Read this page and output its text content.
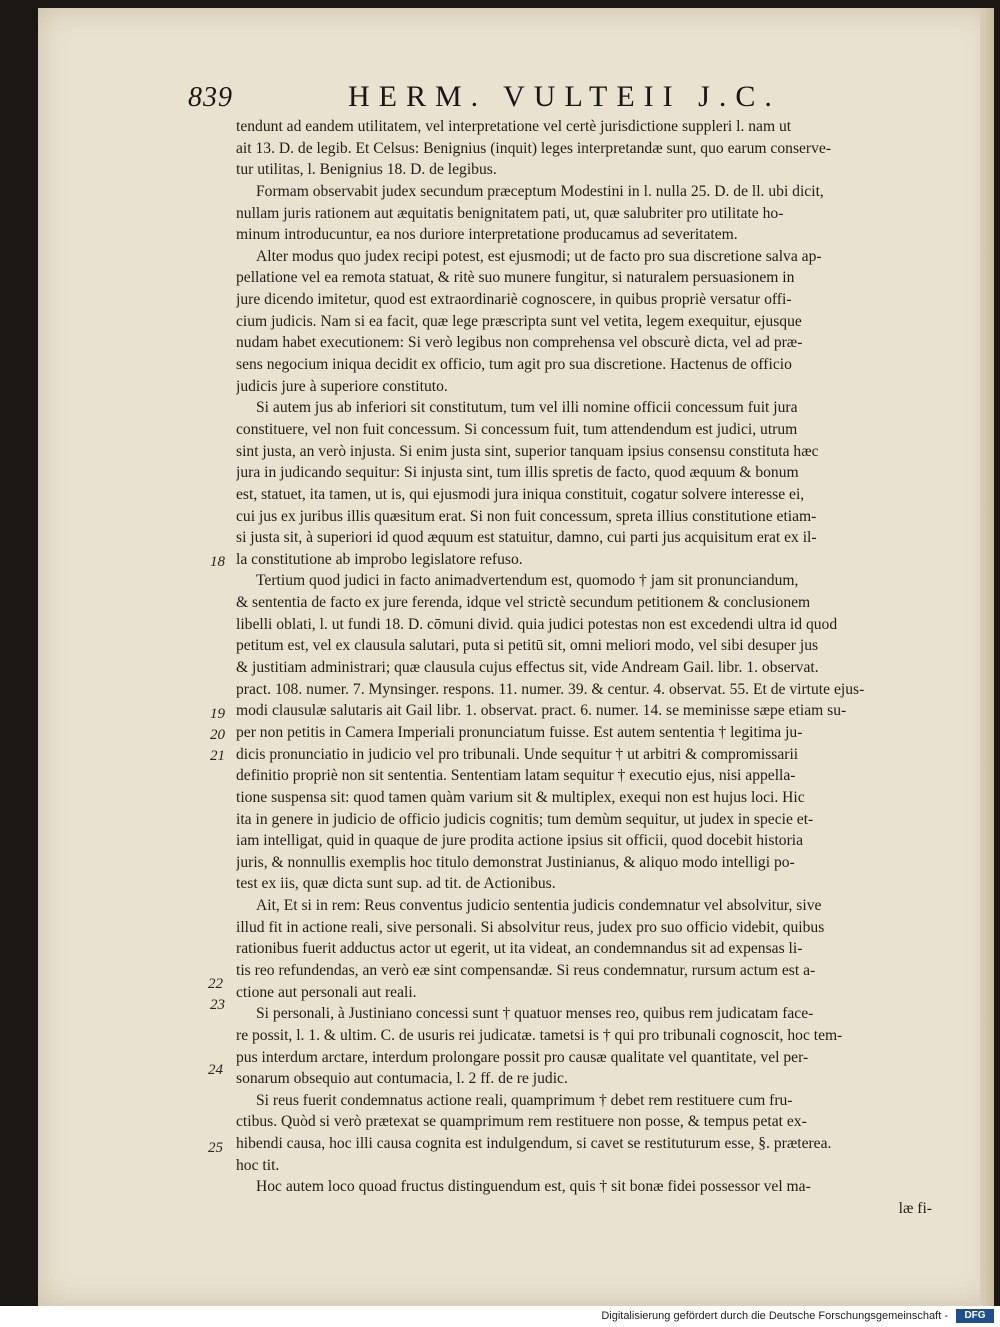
839	HERM. VULTEII J.C.
tendunt ad eandem utilitatem, vel interpretatione vel certè jurisdictione suppleri l. nam ut
ait 13. D. de legib. Et Celsus: Benignius (inquit) leges interpretandæ sunt, quo earum conserve-
tur utilitas, l. Benignius 18. D. de legibus.
Formam observabit judex secundum præceptum Modestini in l. nulla 25. D. de ll. ubi dicit,
nullam juris rationem aut æquitatis benignitatem pati, ut, quæ salubriter pro utilitate ho-
minum introducuntur, ea nos duriore interpretatione producamus ad severitatem.
Alter modus quo judex recipi potest, est ejusmodi; ut de facto pro sua discretione salva ap-
pellatione vel ea remota statuat, & ritè suo munere fungitur, si naturalem persuasionem in
jure dicendo imitetur, quod est extraordinariè cognoscere, in quibus propriè versatur offi-
cium judicis. Nam si ea facit, quæ lege præscripta sunt vel vetita, legem exequitur, ejusque
nudam habet executionem: Si verò legibus non comprehensa vel obscurè dicta, vel ad præ-
sens negocium iniqua decidit ex officio, tum agit pro sua discretione. Hactenus de officio
judicis jure à superiore constituto.
Si autem jus ab inferiori sit constitutum, tum vel illi nomine officii concessum fuit jura
constituere, vel non fuit concessum. Si concessum fuit, tum attendendum est judici, utrum
sint justa, an verò injusta. Si enim justa sint, superior tanquam ipsius consensu constituta hæc
jura in judicando sequitur: Si injusta sint, tum illis spretis de facto, quod æquum & bonum
est, statuet, ita tamen, ut is, qui ejusmodi jura iniqua constituit, cogatur solvere interesse ei,
cui jus ex juribus illis quæsitum erat. Si non fuit concessum, spreta illius constitutione etiam-
si justa sit, à superiori id quod æquum est statuitur, damno, cui parti jus acquisitum erat ex il-
la constitutione ab improbo legislatore refuso.
Tertium quod judici in facto animadvertendum est, quomodo † jam sit pronunciandum,
& sententia de facto ex jure ferenda, idque vel strictè secundum petitionem & conclusionem
libelli oblati, l. ut fundi 18. D. cōmuni divid. quia judici potestas non est excedendi ultra id quod
petitum est, vel ex clausula salutari, puta si petitū sit, omni meliori modo, vel sibi desuper jus
& justitiam administrari; quæ clausula cujus effectus sit, vide Andream Gail. libr. 1. observat.
pract. 108. numer. 7. Mynsinger. respons. 11. numer. 39. & centur. 4. observat. 55. Et de virtute ejus-
modi clausulæ salutaris ait Gail libr. 1. observat. pract. 6. numer. 14. se meminisse sæpe etiam su-
per non petitis in Camera Imperiali pronunciatum fuisse. Est autem sententia † legitima ju-
dicis pronunciatio in judicio vel pro tribunali. Unde sequitur † ut arbitri & compromissarii
definitio propriè non sit sententia. Sententiam latam sequitur † executio ejus, nisi appella-
tione suspensa sit: quod tamen quàm varium sit & multiplex, exequi non est hujus loci. Hic
ita in genere in judicio de officio judicis cognitis; tum demùm sequitur, ut judex in specie et-
iam intelligat, quid in quaque de jure prodita actione ipsius sit officii, quod docebit historia
juris, & nonnullis exemplis hoc titulo demonstrat Justinianus, & aliquo modo intelligi po-
test ex iis, quæ dicta sunt sup. ad tit. de Actionibus.
Ait, Et si in rem: Reus conventus judicio sententia judicis condemnatur vel absolvitur, sive
illud fit in actione reali, sive personali. Si absolvitur reus, judex pro suo officio videbit, quibus
rationibus fuerit adductus actor ut egerit, ut ita videat, an condemnandus sit ad expensas li-
tis reo refundendas, an verò eæ sint compensandæ. Si reus condemnatur, rursum actum est a-
ctione aut personali aut reali.
Si personali, à Justiniano concessi sunt † quatuor menses reo, quibus rem judicatam face-
re possit, l. 1. & ultim. C. de usuris rei judicatæ. tametsi is † qui pro tribunali cognoscit, hoc tem-
pus interdum arctare, interdum prolongare possit pro causæ qualitate vel quantitate, vel per-
sonarum obsequio aut contumacia, l. 2 ff. de re judic.
Si reus fuerit condemnatus actione reali, quamprimum † debet rem restituere cum fru-
ctibus. Quòd si verò prætexat se quamprimum rem restituere non posse, & tempus petat ex-
hibendi causa, hoc illi causa cognita est indulgendum, si cavet se restituturum esse, §. præterea.
hoc tit.
Hoc autem loco quoad fructus distinguendum est, quis † sit bonæ fidei possessor vel ma-
læ fi-
18
19
20
21
22
23
24
25
Digitalisierung gefördert durch die Deutsche Forschungsgemeinschaft -	DFG
